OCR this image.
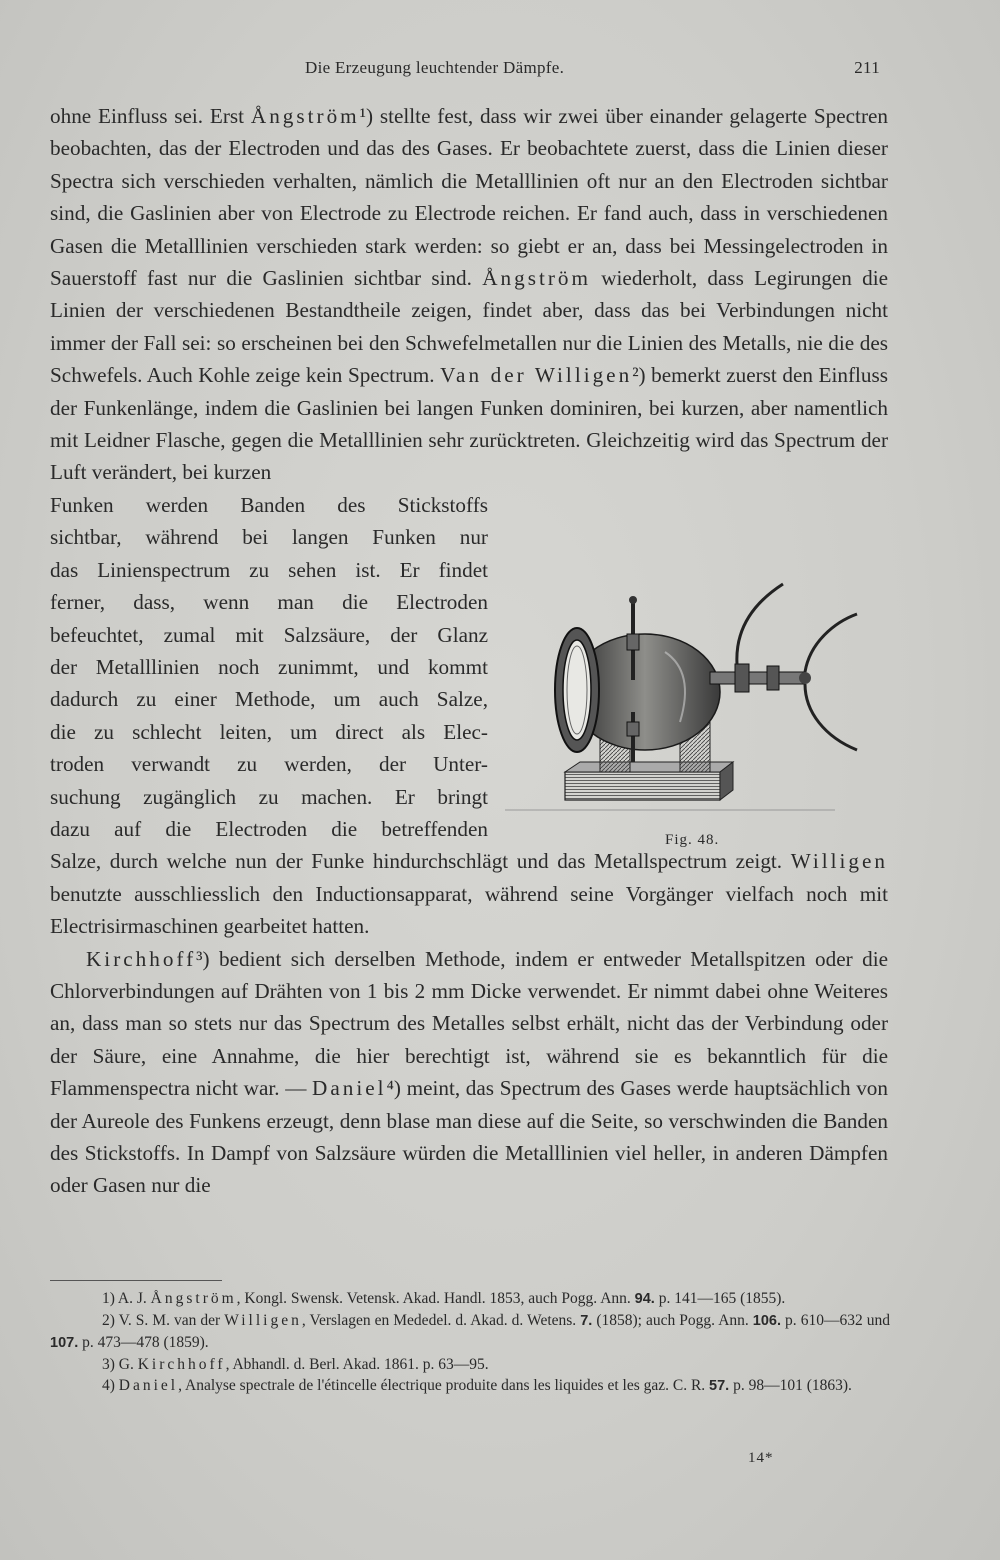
Die Erzeugung leuchtender Dämpfe.	211

ohne Einfluss sei. Erst Ångström¹) stellte fest, dass wir zwei über einander gelagerte Spectren beobachten, das der Electroden und das des Gases. Er beobachtete zuerst, dass die Linien dieser Spectra sich verschieden verhalten, nämlich die Metalllinien oft nur an den Electroden sichtbar sind, die Gaslinien aber von Electrode zu Electrode reichen. Er fand auch, dass in verschiedenen Gasen die Metalllinien verschieden stark werden: so giebt er an, dass bei Messingelectroden in Sauerstoff fast nur die Gaslinien sichtbar sind. Ångström wiederholt, dass Legirungen die Linien der verschiedenen Bestandtheile zeigen, findet aber, dass das bei Verbindungen nicht immer der Fall sei: so erscheinen bei den Schwefelmetallen nur die Linien des Metalls, nie die des Schwefels. Auch Kohle zeige kein Spectrum. Van der Willigen²) bemerkt zuerst den Einfluss der Funkenlänge, indem die Gaslinien bei langen Funken dominiren, bei kurzen, aber namentlich mit Leidner Flasche, gegen die Metalllinien sehr zurücktreten. Gleichzeitig wird das Spectrum der Luft verändert, bei kurzen

Funken werden Banden des Stickstoffs
sichtbar, während bei langen Funken nur
das Linienspectrum zu sehen ist. Er findet
ferner, dass, wenn man die Electroden
befeuchtet, zumal mit Salzsäure, der Glanz
der Metalllinien noch zunimmt, und kommt
dadurch zu einer Methode, um auch Salze,
die zu schlecht leiten, um direct als Elec-
troden verwandt zu werden, der Unter-
suchung zugänglich zu machen. Er bringt
dazu auf die Electroden die betreffenden

Salze, durch welche nun der Funke hindurchschlägt und das Metallspectrum zeigt. Willigen benutzte ausschliesslich den Inductionsapparat, während seine Vorgänger vielfach noch mit Electrisirmaschinen gearbeitet hatten.

Kirchhoff³) bedient sich derselben Methode, indem er entweder Metallspitzen oder die Chlorverbindungen auf Drähten von 1 bis 2 mm Dicke verwendet. Er nimmt dabei ohne Weiteres an, dass man so stets nur das Spectrum des Metalles selbst erhält, nicht das der Verbindung oder der Säure, eine Annahme, die hier berechtigt ist, während sie es bekanntlich für die Flammenspectra nicht war. — Daniel⁴) meint, das Spectrum des Gases werde hauptsächlich von der Aureole des Funkens erzeugt, denn blase man diese auf die Seite, so verschwinden die Banden des Stickstoffs. In Dampf von Salzsäure würden die Metalllinien viel heller, in anderen Dämpfen oder Gasen nur die

Fig. 48.

1) A. J. Ångström, Kongl. Swensk. Vetensk. Akad. Handl. 1853, auch Pogg. Ann. 94. p. 141—165 (1855).

2) V. S. M. van der Willigen, Verslagen en Mededel. d. Akad. d. Wetens. 7. (1858); auch Pogg. Ann. 106. p. 610—632 und 107. p. 473—478 (1859).

3) G. Kirchhoff, Abhandl. d. Berl. Akad. 1861. p. 63—95.

4) Daniel, Analyse spectrale de l'étincelle électrique produite dans les liquides et les gaz. C. R. 57. p. 98—101 (1863).

14*
